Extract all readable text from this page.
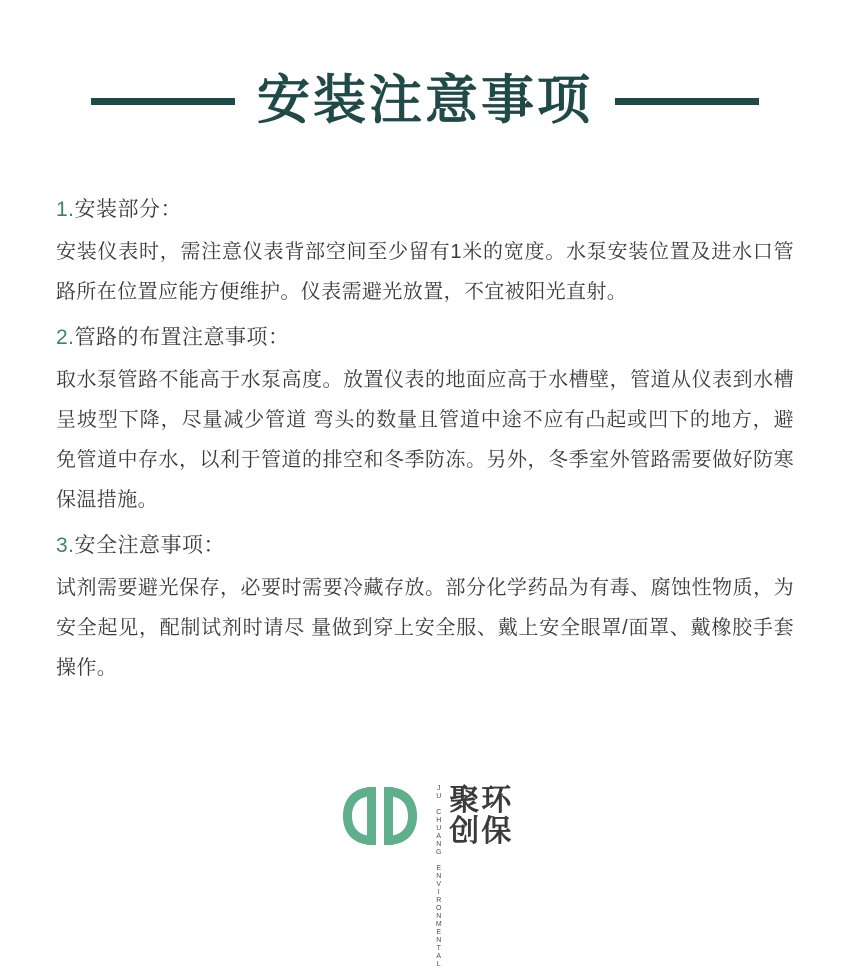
安装注意事项

1.安装部分：

安装仪表时，需注意仪表背部空间至少留有1米的宽度。水泵安装位置及进水口管路所在位置应能方便维护。仪表需避光放置，不宜被阳光直射。

2.管路的布置注意事项：

取水泵管路不能高于水泵高度。放置仪表的地面应高于水槽壁，管道从仪表到水槽呈坡型下降，尽量减少管道 弯头的数量且管道中途不应有凸起或凹下的地方，避免管道中存水，以利于管道的排空和冬季防冻。另外，冬季室外管路需要做好防寒保温措施。

3.安全注意事项：

试剂需要避光保存，必要时需要冷藏存放。部分化学药品为有毒、腐蚀性物质，为安全起见，配制试剂时请尽 量做到穿上安全服、戴上安全眼罩/面罩、戴橡胶手套操作。

JU CHUANG ENVIRONMENTAL 聚环
创保
